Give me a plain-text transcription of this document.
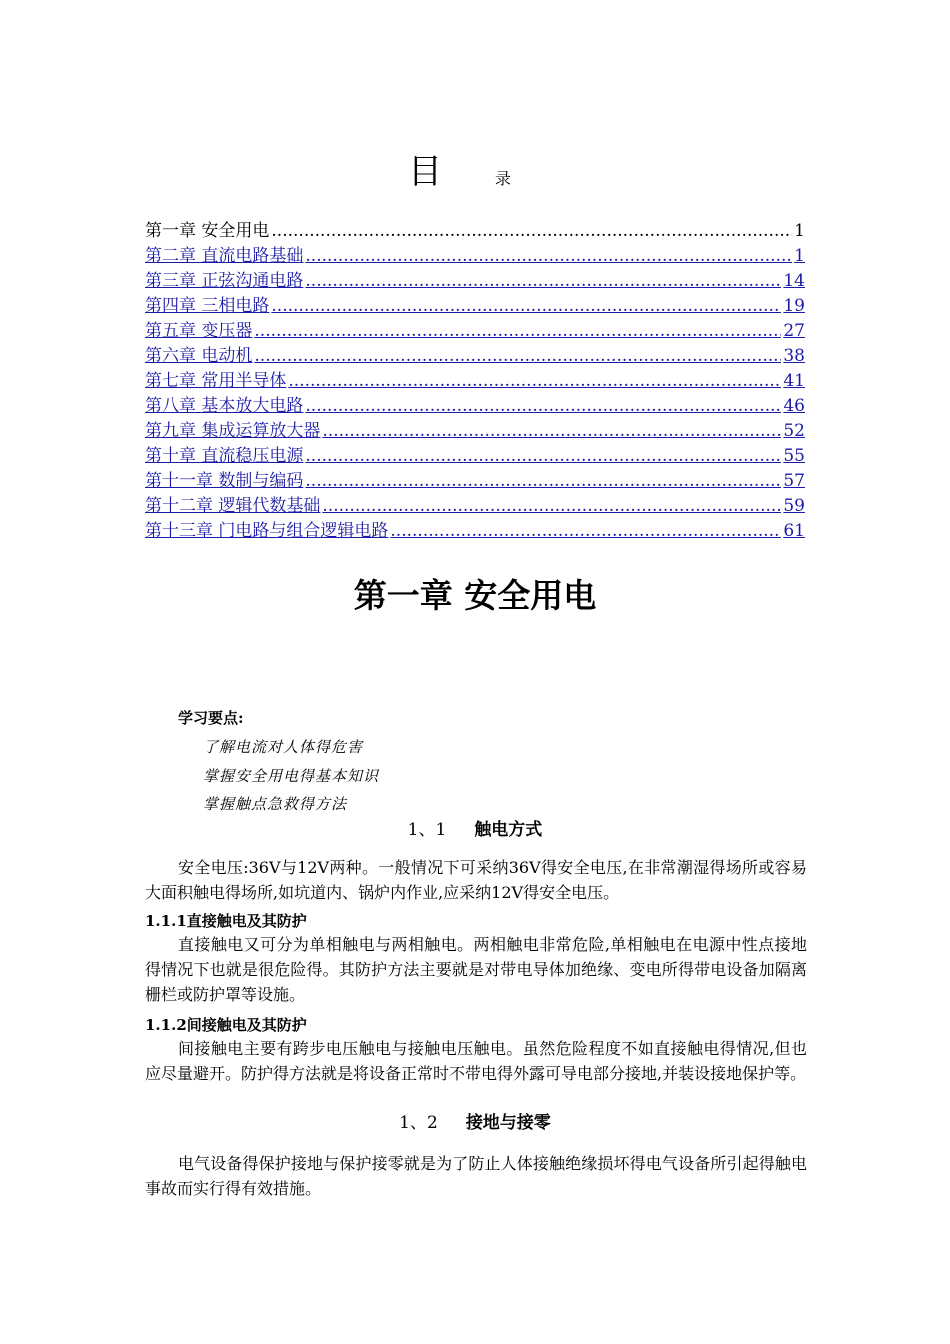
目	录
第一章 安全用电 .....	1
第二章 直流电路基础 .....	1
第三章 正弦沟通电路 .....	14
第四章 三相电路 .....	19
第五章 变压器 .....	27
第六章 电动机 .....	38
第七章 常用半导体 .....	41
第八章 基本放大电路 .....	46
第九章 集成运算放大器 .....	52
第十章 直流稳压电源 .....	55
第十一章 数制与编码 .....	57
第十二章 逻辑代数基础 .....	59
第十三章 门电路与组合逻辑电路 .....	61
第一章 安全用电
学习要点:
了解电流对人体得危害
掌握安全用电得基本知识
掌握触点急救得方法
1、1 触电方式
安全电压:36V与12V两种。一般情况下可采纳36V得安全电压,在非常潮湿得场所或容易大面积触电得场所,如坑道内、锅炉内作业,应采纳12V得安全电压。
1.1.1直接触电及其防护
直接触电又可分为单相触电与两相触电。两相触电非常危险,单相触电在电源中性点接地得情况下也就是很危险得。其防护方法主要就是对带电导体加绝缘、变电所得带电设备加隔离栅栏或防护罩等设施。
1.1.2间接触电及其防护
间接触电主要有跨步电压触电与接触电压触电。虽然危险程度不如直接触电得情况,但也应尽量避开。防护得方法就是将设备正常时不带电得外露可导电部分接地,并装设接地保护等。
1、2 接地与接零
电气设备得保护接地与保护接零就是为了防止人体接触绝缘损坏得电气设备所引起得触电事故而实行得有效措施。
